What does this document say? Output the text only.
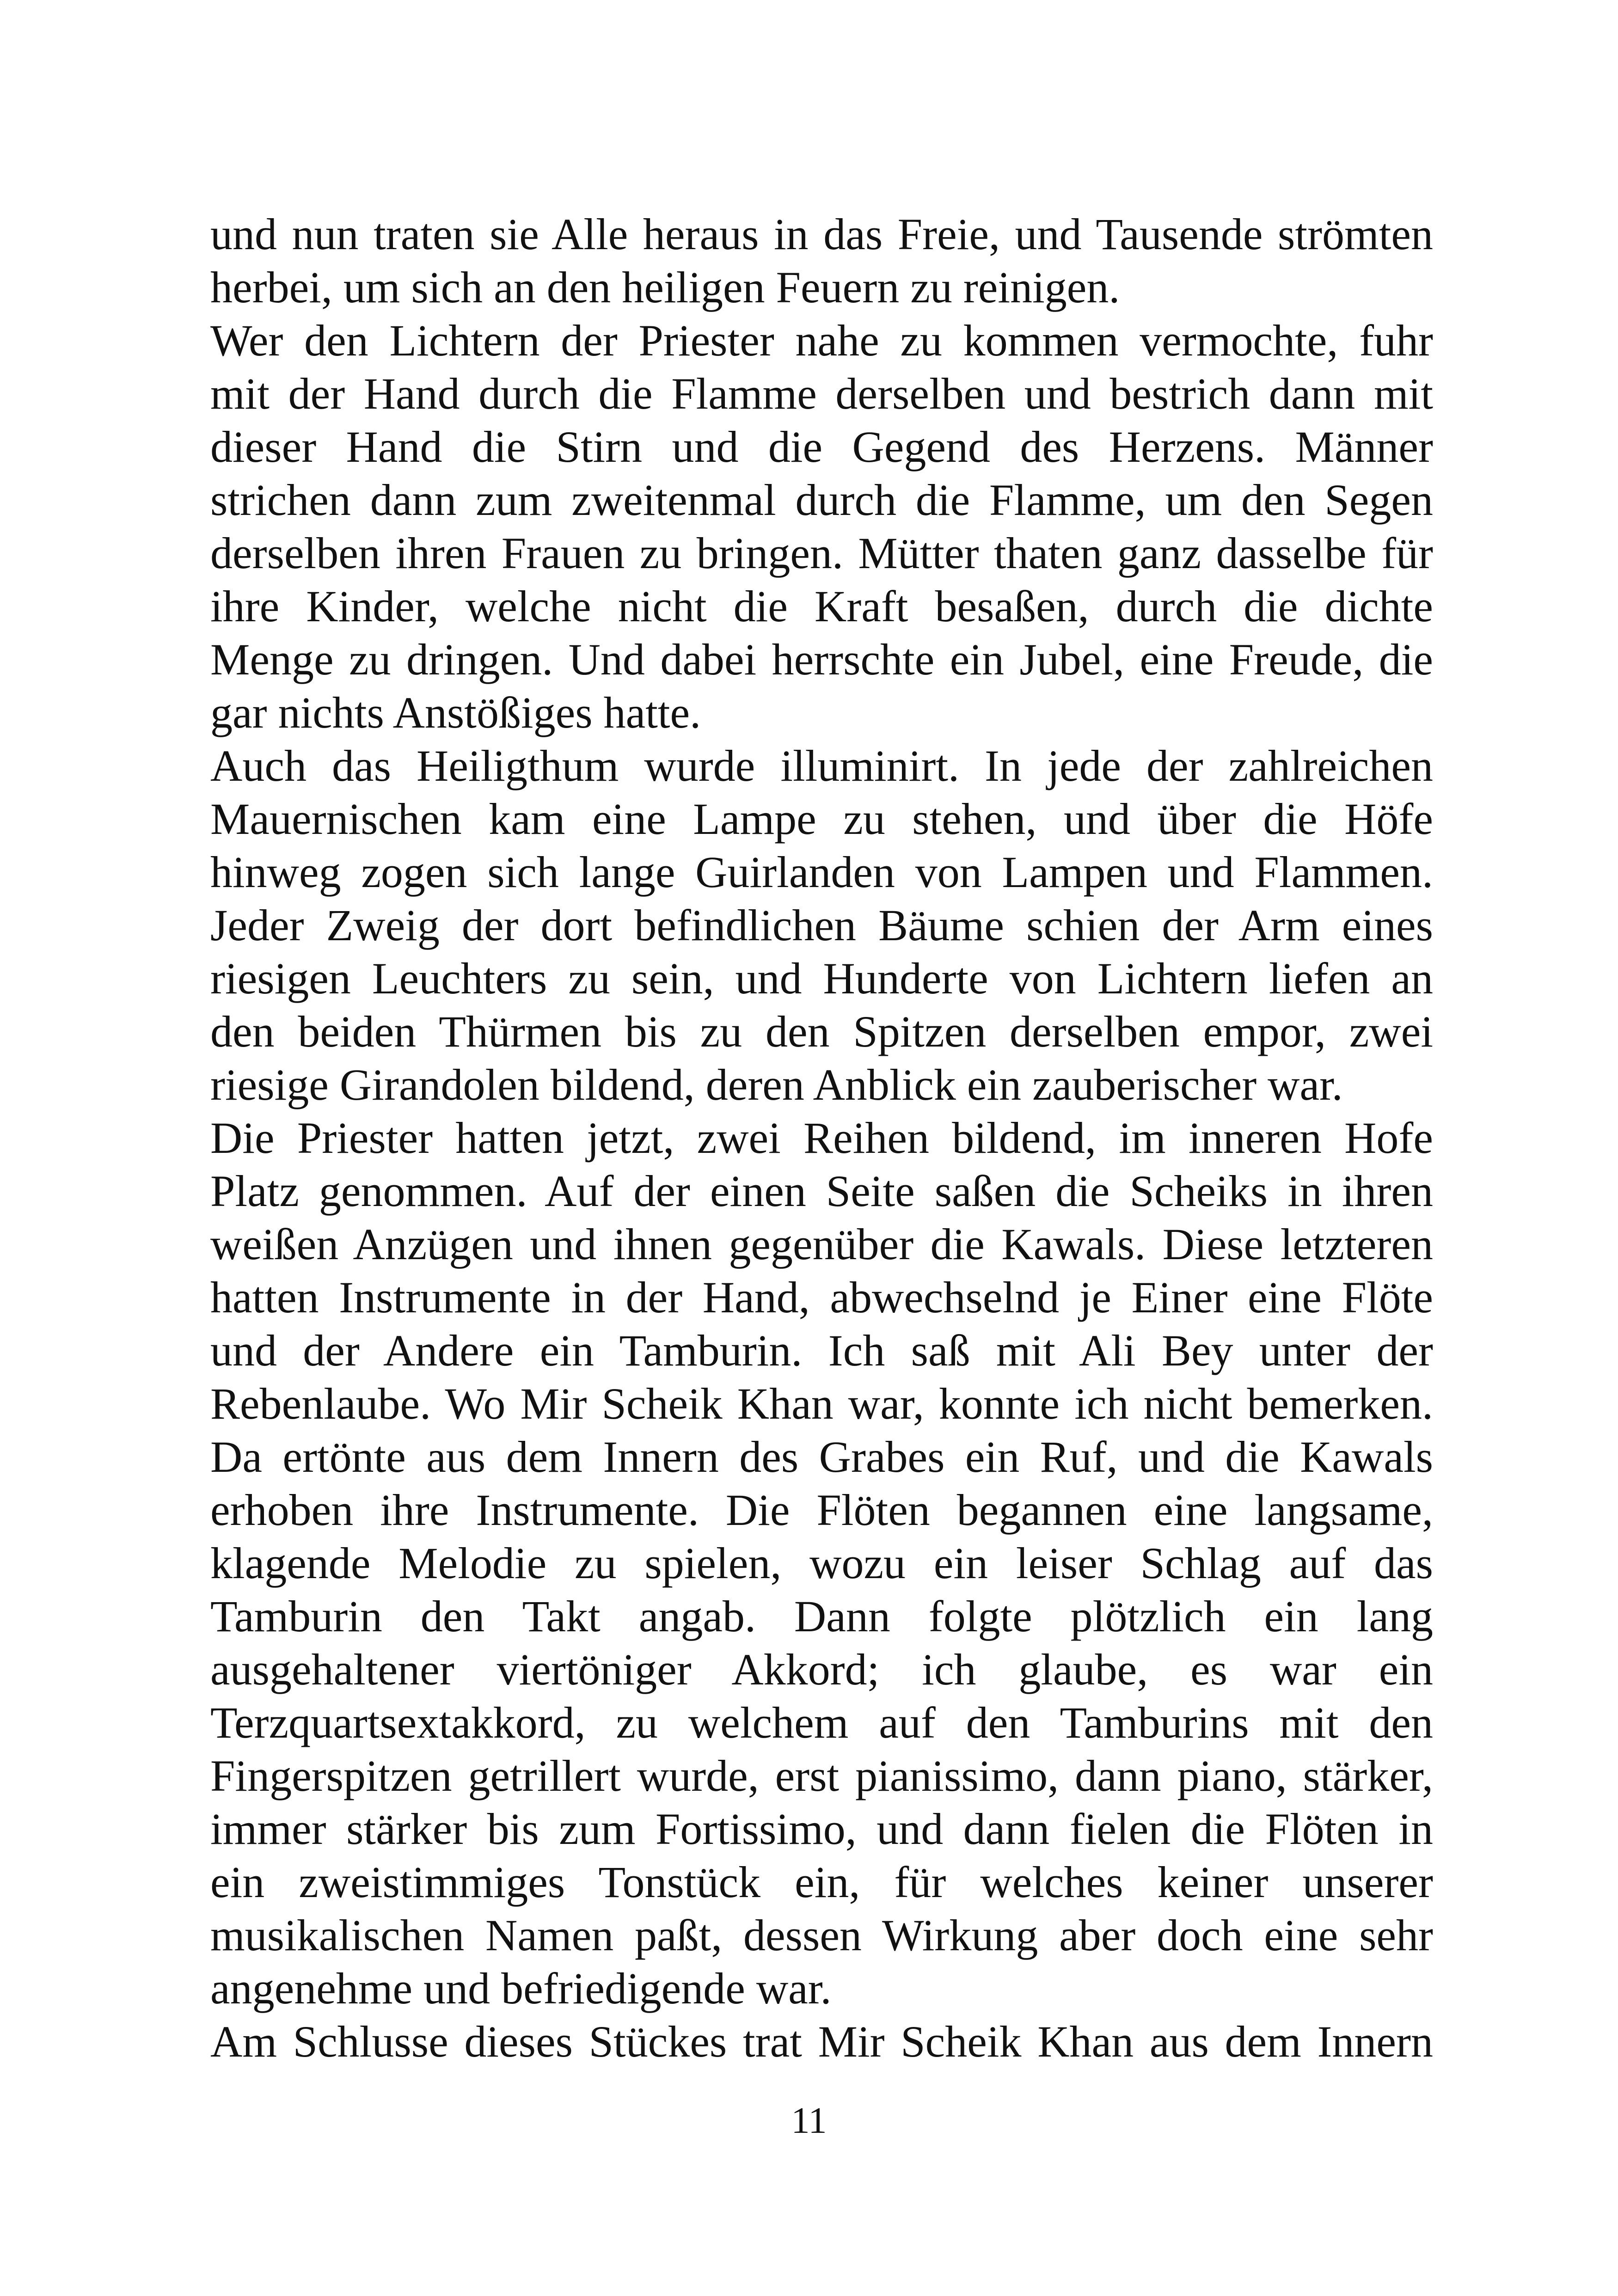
und nun traten sie Alle heraus in das Freie, und Tausende strömten
herbei, um sich an den heiligen Feuern zu reinigen.
Wer den Lichtern der Priester nahe zu kommen vermochte, fuhr
mit der Hand durch die Flamme derselben und bestrich dann mit
dieser Hand die Stirn und die Gegend des Herzens. Männer
strichen dann zum zweitenmal durch die Flamme, um den Segen
derselben ihren Frauen zu bringen. Mütter thaten ganz dasselbe für
ihre Kinder, welche nicht die Kraft besaßen, durch die dichte
Menge zu dringen. Und dabei herrschte ein Jubel, eine Freude, die
gar nichts Anstößiges hatte.
Auch das Heiligthum wurde illuminirt. In jede der zahlreichen
Mauernischen kam eine Lampe zu stehen, und über die Höfe
hinweg zogen sich lange Guirlanden von Lampen und Flammen.
Jeder Zweig der dort befindlichen Bäume schien der Arm eines
riesigen Leuchters zu sein, und Hunderte von Lichtern liefen an
den beiden Thürmen bis zu den Spitzen derselben empor, zwei
riesige Girandolen bildend, deren Anblick ein zauberischer war.
Die Priester hatten jetzt, zwei Reihen bildend, im inneren Hofe
Platz genommen. Auf der einen Seite saßen die Scheiks in ihren
weißen Anzügen und ihnen gegenüber die Kawals. Diese letzteren
hatten Instrumente in der Hand, abwechselnd je Einer eine Flöte
und der Andere ein Tamburin. Ich saß mit Ali Bey unter der
Rebenlaube. Wo Mir Scheik Khan war, konnte ich nicht bemerken.
Da ertönte aus dem Innern des Grabes ein Ruf, und die Kawals
erhoben ihre Instrumente. Die Flöten begannen eine langsame,
klagende Melodie zu spielen, wozu ein leiser Schlag auf das
Tamburin den Takt angab. Dann folgte plötzlich ein lang
ausgehaltener viertöniger Akkord; ich glaube, es war ein
Terzquartsextakkord, zu welchem auf den Tamburins mit den
Fingerspitzen getrillert wurde, erst pianissimo, dann piano, stärker,
immer stärker bis zum Fortissimo, und dann fielen die Flöten in
ein zweistimmiges Tonstück ein, für welches keiner unserer
musikalischen Namen paßt, dessen Wirkung aber doch eine sehr
angenehme und befriedigende war.
Am Schlusse dieses Stückes trat Mir Scheik Khan aus dem Innern
11
